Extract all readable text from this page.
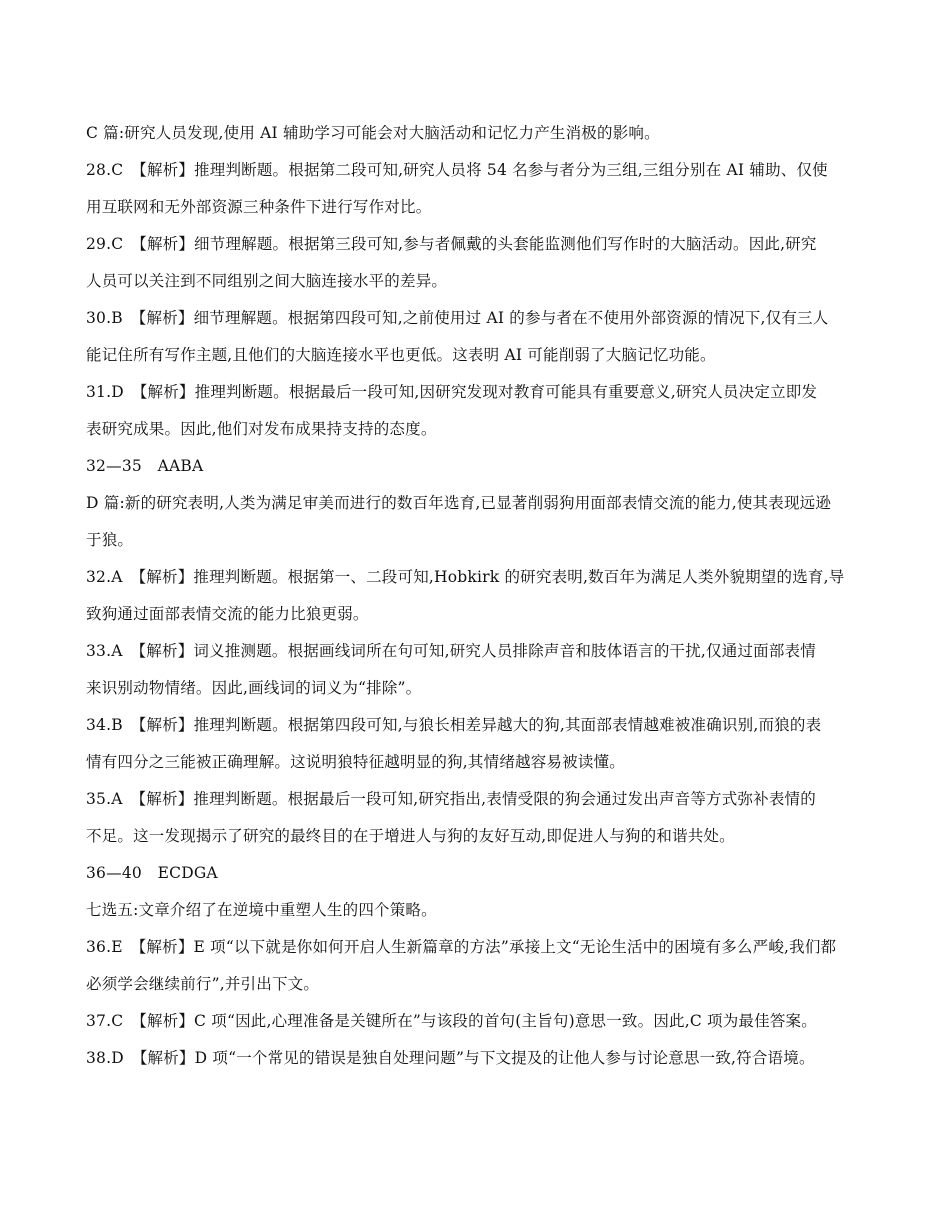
C 篇:研究人员发现,使用 AI 辅助学习可能会对大脑活动和记忆力产生消极的影响。
28.C　【解析】推理判断题。根据第二段可知,研究人员将 54 名参与者分为三组,三组分别在 AI 辅助、仅使
用互联网和无外部资源三种条件下进行写作对比。
29.C　【解析】细节理解题。根据第三段可知,参与者佩戴的头套能监测他们写作时的大脑活动。因此,研究
人员可以关注到不同组别之间大脑连接水平的差异。
30.B　【解析】细节理解题。根据第四段可知,之前使用过 AI 的参与者在不使用外部资源的情况下,仅有三人
能记住所有写作主题,且他们的大脑连接水平也更低。这表明 AI 可能削弱了大脑记忆功能。
31.D　【解析】推理判断题。根据最后一段可知,因研究发现对教育可能具有重要意义,研究人员决定立即发
表研究成果。因此,他们对发布成果持支持的态度。
32—35　AABA
D 篇:新的研究表明,人类为满足审美而进行的数百年选育,已显著削弱狗用面部表情交流的能力,使其表现远逊
于狼。
32.A　【解析】推理判断题。根据第一、二段可知,Hobkirk 的研究表明,数百年为满足人类外貌期望的选育,导
致狗通过面部表情交流的能力比狼更弱。
33.A　【解析】词义推测题。根据画线词所在句可知,研究人员排除声音和肢体语言的干扰,仅通过面部表情
来识别动物情绪。因此,画线词的词义为“排除”。
34.B　【解析】推理判断题。根据第四段可知,与狼长相差异越大的狗,其面部表情越难被准确识别,而狼的表
情有四分之三能被正确理解。这说明狼特征越明显的狗,其情绪越容易被读懂。
35.A　【解析】推理判断题。根据最后一段可知,研究指出,表情受限的狗会通过发出声音等方式弥补表情的
不足。这一发现揭示了研究的最终目的在于增进人与狗的友好互动,即促进人与狗的和谐共处。
36—40　ECDGA
七选五:文章介绍了在逆境中重塑人生的四个策略。
36.E　【解析】E 项“以下就是你如何开启人生新篇章的方法”承接上文“无论生活中的困境有多么严峻,我们都
必须学会继续前行”,并引出下文。
37.C　【解析】C 项“因此,心理准备是关键所在”与该段的首句(主旨句)意思一致。因此,C 项为最佳答案。
38.D　【解析】D 项“一个常见的错误是独自处理问题”与下文提及的让他人参与讨论意思一致,符合语境。
